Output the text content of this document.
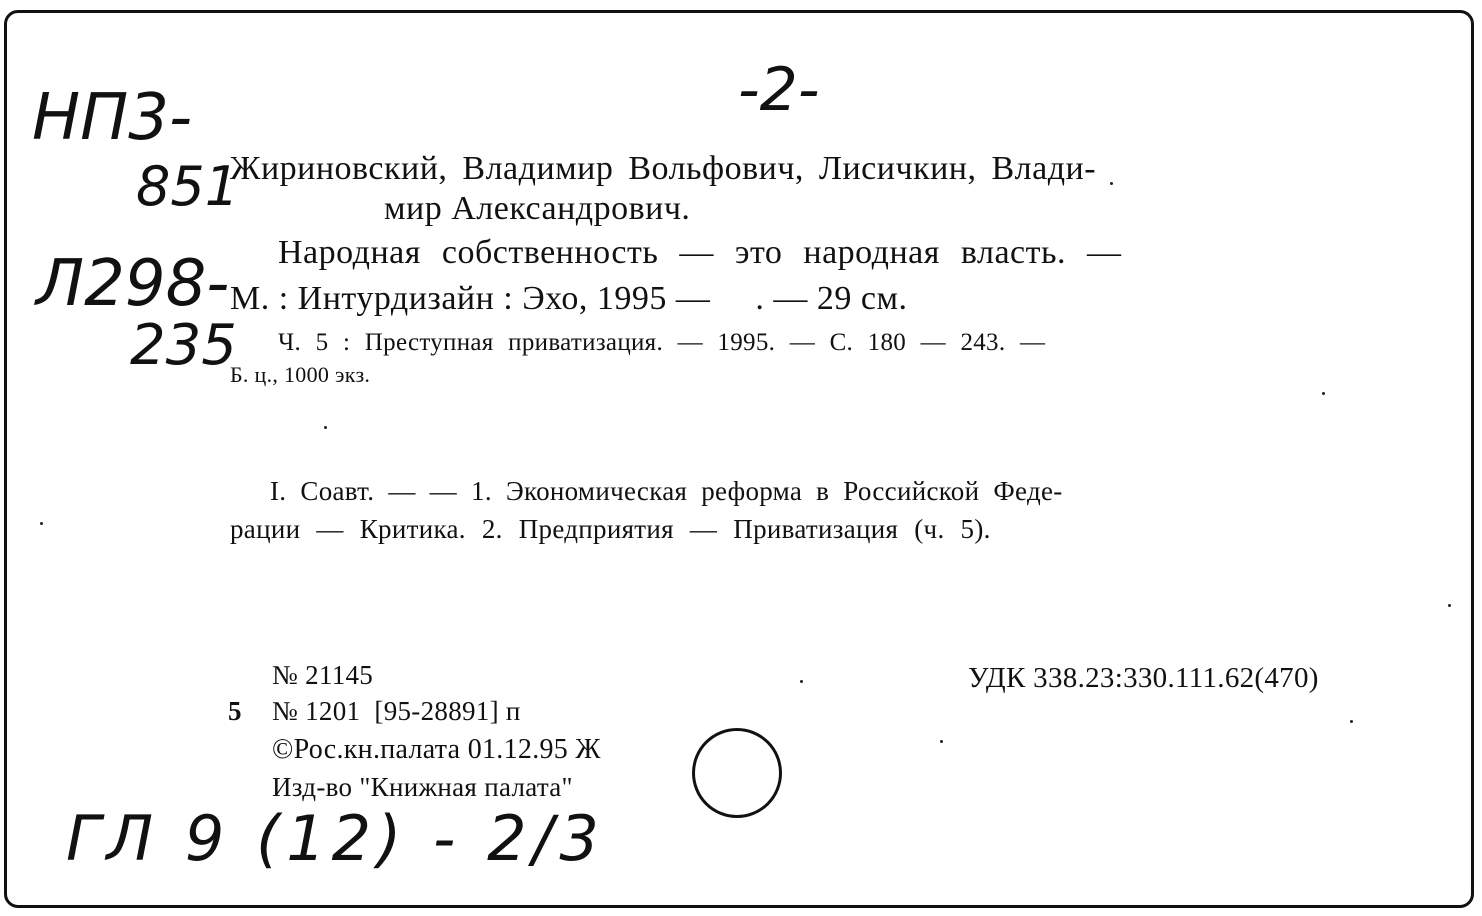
-2-
НП3-
851
Л298-
235
ГЛ 9 (12) - 2/3
Жириновский, Владимир Вольфович, Лисичкин, Влади-
мир Александрович.
Народная собственность — это народная власть. —
М. : Интурдизайн : Эхо, 1995 —     . — 29 см.
Ч. 5 : Преступная приватизация. — 1995. — С. 180 — 243. —
Б. ц., 1000 экз.
I. Соавт. — — 1. Экономическая реформа в Российской Феде-
рации — Критика. 2. Предприятия — Приватизация (ч. 5).
№ 21145
5 № 1201  [95-28891] п
©Рос.кн.палата 01.12.95 Ж
Изд-во "Книжная палата"
УДК 338.23:330.111.62(470)
